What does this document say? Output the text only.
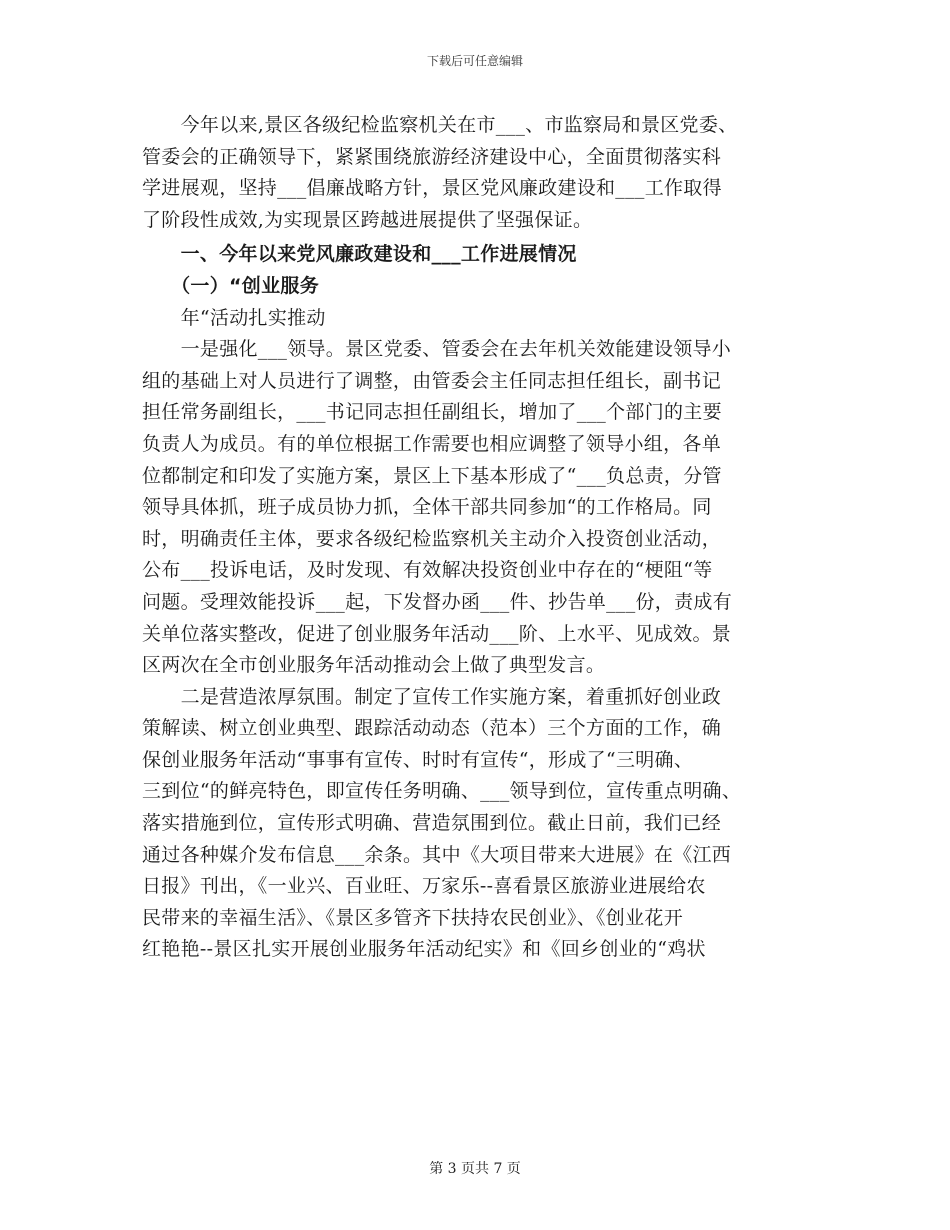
下载后可任意编辑
　　今年以来,景区各级纪检监察机关在市___、市监察局和景区党委、
管委会的正确领导下，紧紧围绕旅游经济建设中心，全面贯彻落实科
学进展观，坚持___倡廉战略方针，景区党风廉政建设和___工作取得
了阶段性成效,为实现景区跨越进展提供了坚强保证。
　　一、今年以来党风廉政建设和___工作进展情况
　　（一）“创业服务
　　年“活动扎实推动
　　一是强化___领导。景区党委、管委会在去年机关效能建设领导小
组的基础上对人员进行了调整，由管委会主任同志担任组长，副书记
担任常务副组长，___书记同志担任副组长，增加了___个部门的主要
负责人为成员。有的单位根据工作需要也相应调整了领导小组，各单
位都制定和印发了实施方案，景区上下基本形成了“___负总责，分管
领导具体抓，班子成员协力抓，全体干部共同参加“的工作格局。同
时，明确责任主体，要求各级纪检监察机关主动介入投资创业活动，
公布___投诉电话，及时发现、有效解决投资创业中存在的“梗阻“等
问题。受理效能投诉___起，下发督办函___件、抄告单___份，责成有
关单位落实整改，促进了创业服务年活动___阶、上水平、见成效。景
区两次在全市创业服务年活动推动会上做了典型发言。
　　二是营造浓厚氛围。制定了宣传工作实施方案，着重抓好创业政
策解读、树立创业典型、跟踪活动动态（范本）三个方面的工作，确
保创业服务年活动“事事有宣传、时时有宣传“，形成了“三明确、
三到位“的鲜亮特色，即宣传任务明确、___领导到位，宣传重点明确、
落实措施到位，宣传形式明确、营造氛围到位。截止日前，我们已经
通过各种媒介发布信息___余条。其中《大项目带来大进展》在《江西
日报》刊出，《一业兴、百业旺、万家乐--喜看景区旅游业进展给农
民带来的幸福生活》、《景区多管齐下扶持农民创业》、《创业花开
红艳艳--景区扎实开展创业服务年活动纪实》和《回乡创业的“鸡状
第 3 页共 7 页
